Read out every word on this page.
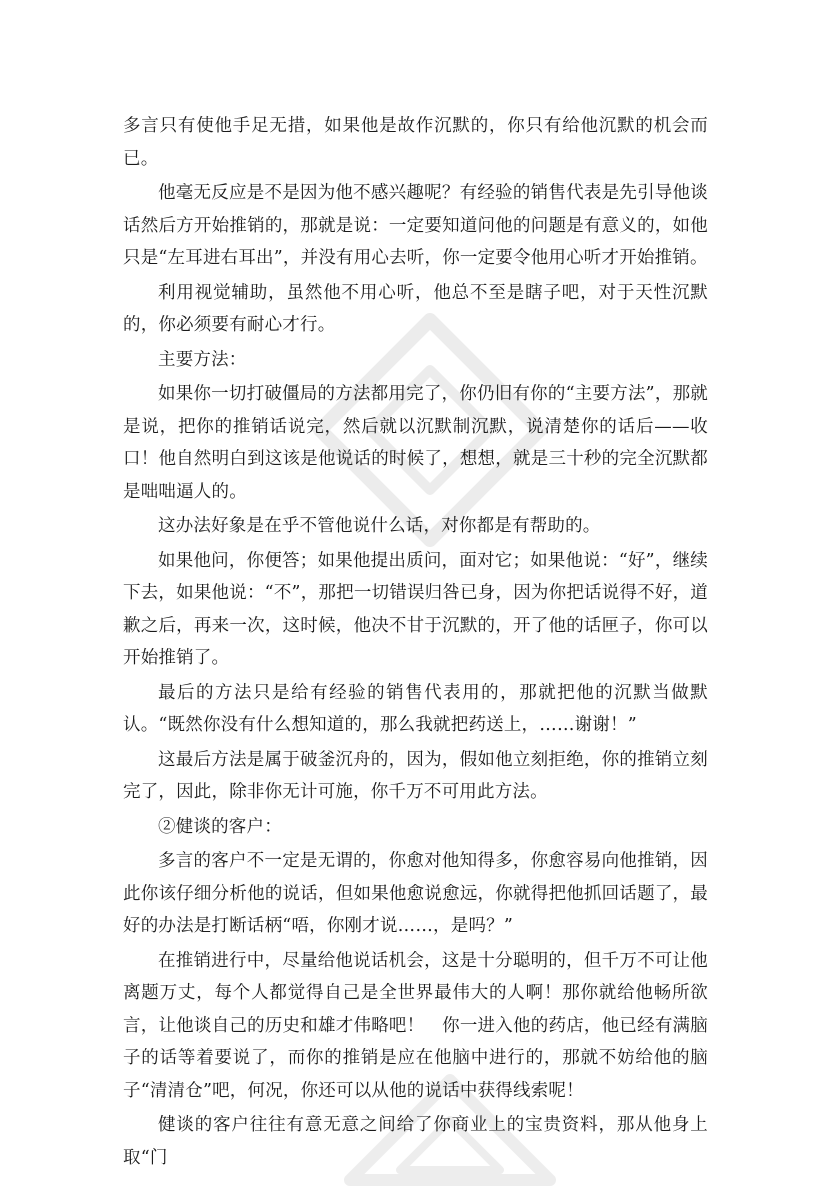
多言只有使他手足无措，如果他是故作沉默的，你只有给他沉默的机会而已。

他毫无反应是不是因为他不感兴趣呢？有经验的销售代表是先引导他谈话然后方开始推销的，那就是说：一定要知道问他的问题是有意义的，如他只是“左耳进右耳出”，并没有用心去听，你一定要令他用心听才开始推销。

利用视觉辅助，虽然他不用心听，他总不至是瞎子吧，对于天性沉默的，你必须要有耐心才行。

主要方法：

如果你一切打破僵局的方法都用完了，你仍旧有你的“主要方法”，那就是说，把你的推销话说完，然后就以沉默制沉默，说清楚你的话后——收口！他自然明白到这该是他说话的时候了，想想，就是三十秒的完全沉默都是咄咄逼人的。

这办法好象是在乎不管他说什么话，对你都是有帮助的。

如果他问，你便答；如果他提出质问，面对它；如果他说：“好”，继续下去，如果他说：“不”，那把一切错误归咎已身，因为你把话说得不好，道歉之后，再来一次，这时候，他决不甘于沉默的，开了他的话匣子，你可以开始推销了。

最后的方法只是给有经验的销售代表用的，那就把他的沉默当做默认。“既然你没有什么想知道的，那么我就把药送上，……谢谢！”

这最后方法是属于破釜沉舟的，因为，假如他立刻拒绝，你的推销立刻完了，因此，除非你无计可施，你千万不可用此方法。

②健谈的客户：

多言的客户不一定是无谓的，你愈对他知得多，你愈容易向他推销，因此你该仔细分析他的说话，但如果他愈说愈远，你就得把他抓回话题了，最好的办法是打断话柄“唔，你刚才说……，是吗？”

在推销进行中，尽量给他说话机会，这是十分聪明的，但千万不可让他离题万丈，每个人都觉得自己是全世界最伟大的人啊！那你就给他畅所欲言，让他谈自己的历史和雄才伟略吧！　你一进入他的药店，他已经有满脑子的话等着要说了，而你的推销是应在他脑中进行的，那就不妨给他的脑子“清清仓”吧，何况，你还可以从他的说话中获得线索呢！

健谈的客户往往有意无意之间给了你商业上的宝贵资料，那从他身上取“门
